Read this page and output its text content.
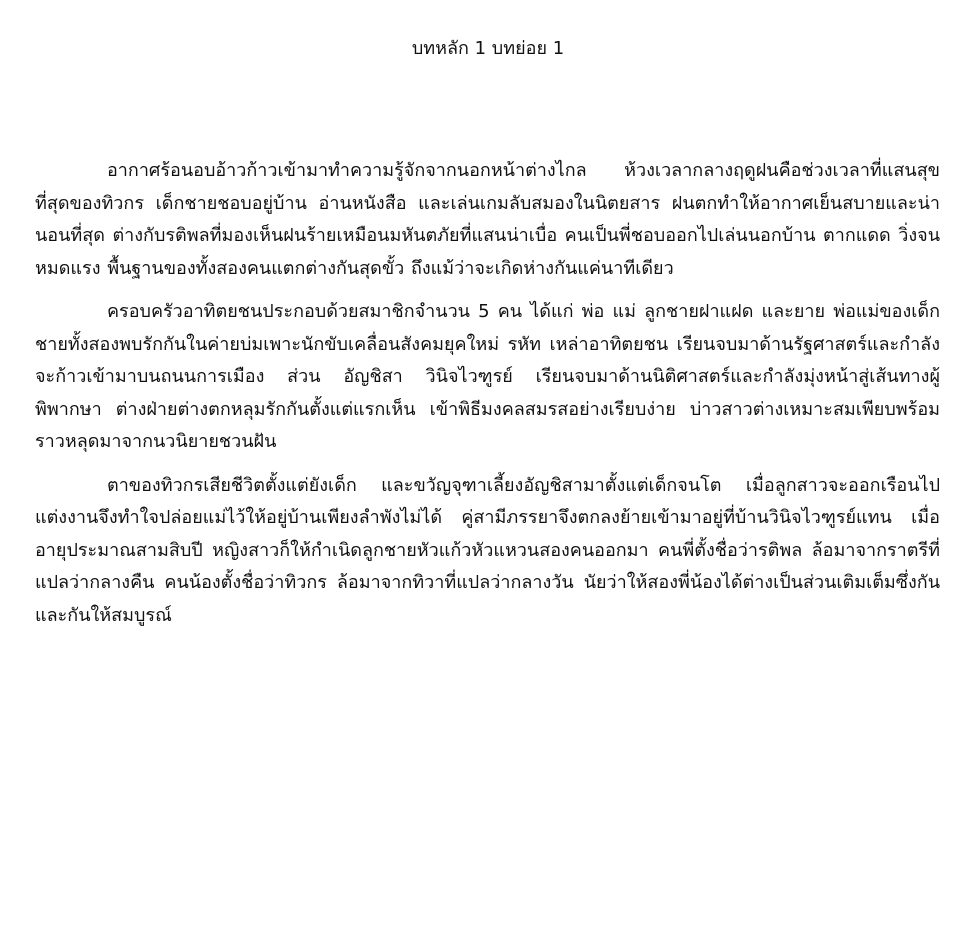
บทหลัก 1 บทย่อย 1

อากาศร้อนอบอ้าวก้าวเข้ามาทำความรู้จักจากนอกหน้าต่างไกล ห้วงเวลากลางฤดูฝนคือช่วงเวลาที่แสนสุขที่สุดของทิวกร เด็กชายชอบอยู่บ้าน อ่านหนังสือ และเล่นเกมลับสมองในนิตยสาร ฝนตกทำให้อากาศเย็นสบายและน่านอนที่สุด ต่างกับรติพลที่มองเห็นฝนร้ายเหมือนมหันตภัยที่แสนน่าเบื่อ คนเป็นพี่ชอบออกไปเล่นนอกบ้าน ตากแดด วิ่งจนหมดแรง พื้นฐานของทั้งสองคนแตกต่างกันสุดขั้ว ถึงแม้ว่าจะเกิดห่างกันแค่นาทีเดียว

ครอบครัวอาทิตยชนประกอบด้วยสมาชิกจำนวน 5 คน ได้แก่ พ่อ แม่ ลูกชายฝาแฝด และยาย พ่อแม่ของเด็กชายทั้งสองพบรักกันในค่ายบ่มเพาะนักขับเคลื่อนสังคมยุคใหม่ รหัท เหล่าอาทิตยชน เรียนจบมาด้านรัฐศาสตร์และกำลังจะก้าวเข้ามาบนถนนการเมือง ส่วน อัญชิสา วินิจไวฑูรย์ เรียนจบมาด้านนิติศาสตร์และกำลังมุ่งหน้าสู่เส้นทางผู้พิพากษา ต่างฝ่ายต่างตกหลุมรักกันตั้งแต่แรกเห็น เข้าพิธีมงคลสมรสอย่างเรียบง่าย บ่าวสาวต่างเหมาะสมเพียบพร้อมราวหลุดมาจากนวนิยายชวนฝัน

ตาของทิวกรเสียชีวิตตั้งแต่ยังเด็ก และขวัญจุฑาเลี้ยงอัญชิสามาตั้งแต่เด็กจนโต เมื่อลูกสาวจะออกเรือนไปแต่งงานจึงทำใจปล่อยแม่ไว้ให้อยู่บ้านเพียงลำพังไม่ได้ คู่สามีภรรยาจึงตกลงย้ายเข้ามาอยู่ที่บ้านวินิจไวฑูรย์แทน เมื่ออายุประมาณสามสิบปี หญิงสาวก็ให้กำเนิดลูกชายหัวแก้วหัวแหวนสองคนออกมา คนพี่ตั้งชื่อว่ารติพล ล้อมาจากราตรีที่แปลว่ากลางคืน คนน้องตั้งชื่อว่าทิวกร ล้อมาจากทิวาที่แปลว่ากลางวัน นัยว่าให้สองพี่น้องได้ต่างเป็นส่วนเติมเต็มซึ่งกันและกันให้สมบูรณ์
